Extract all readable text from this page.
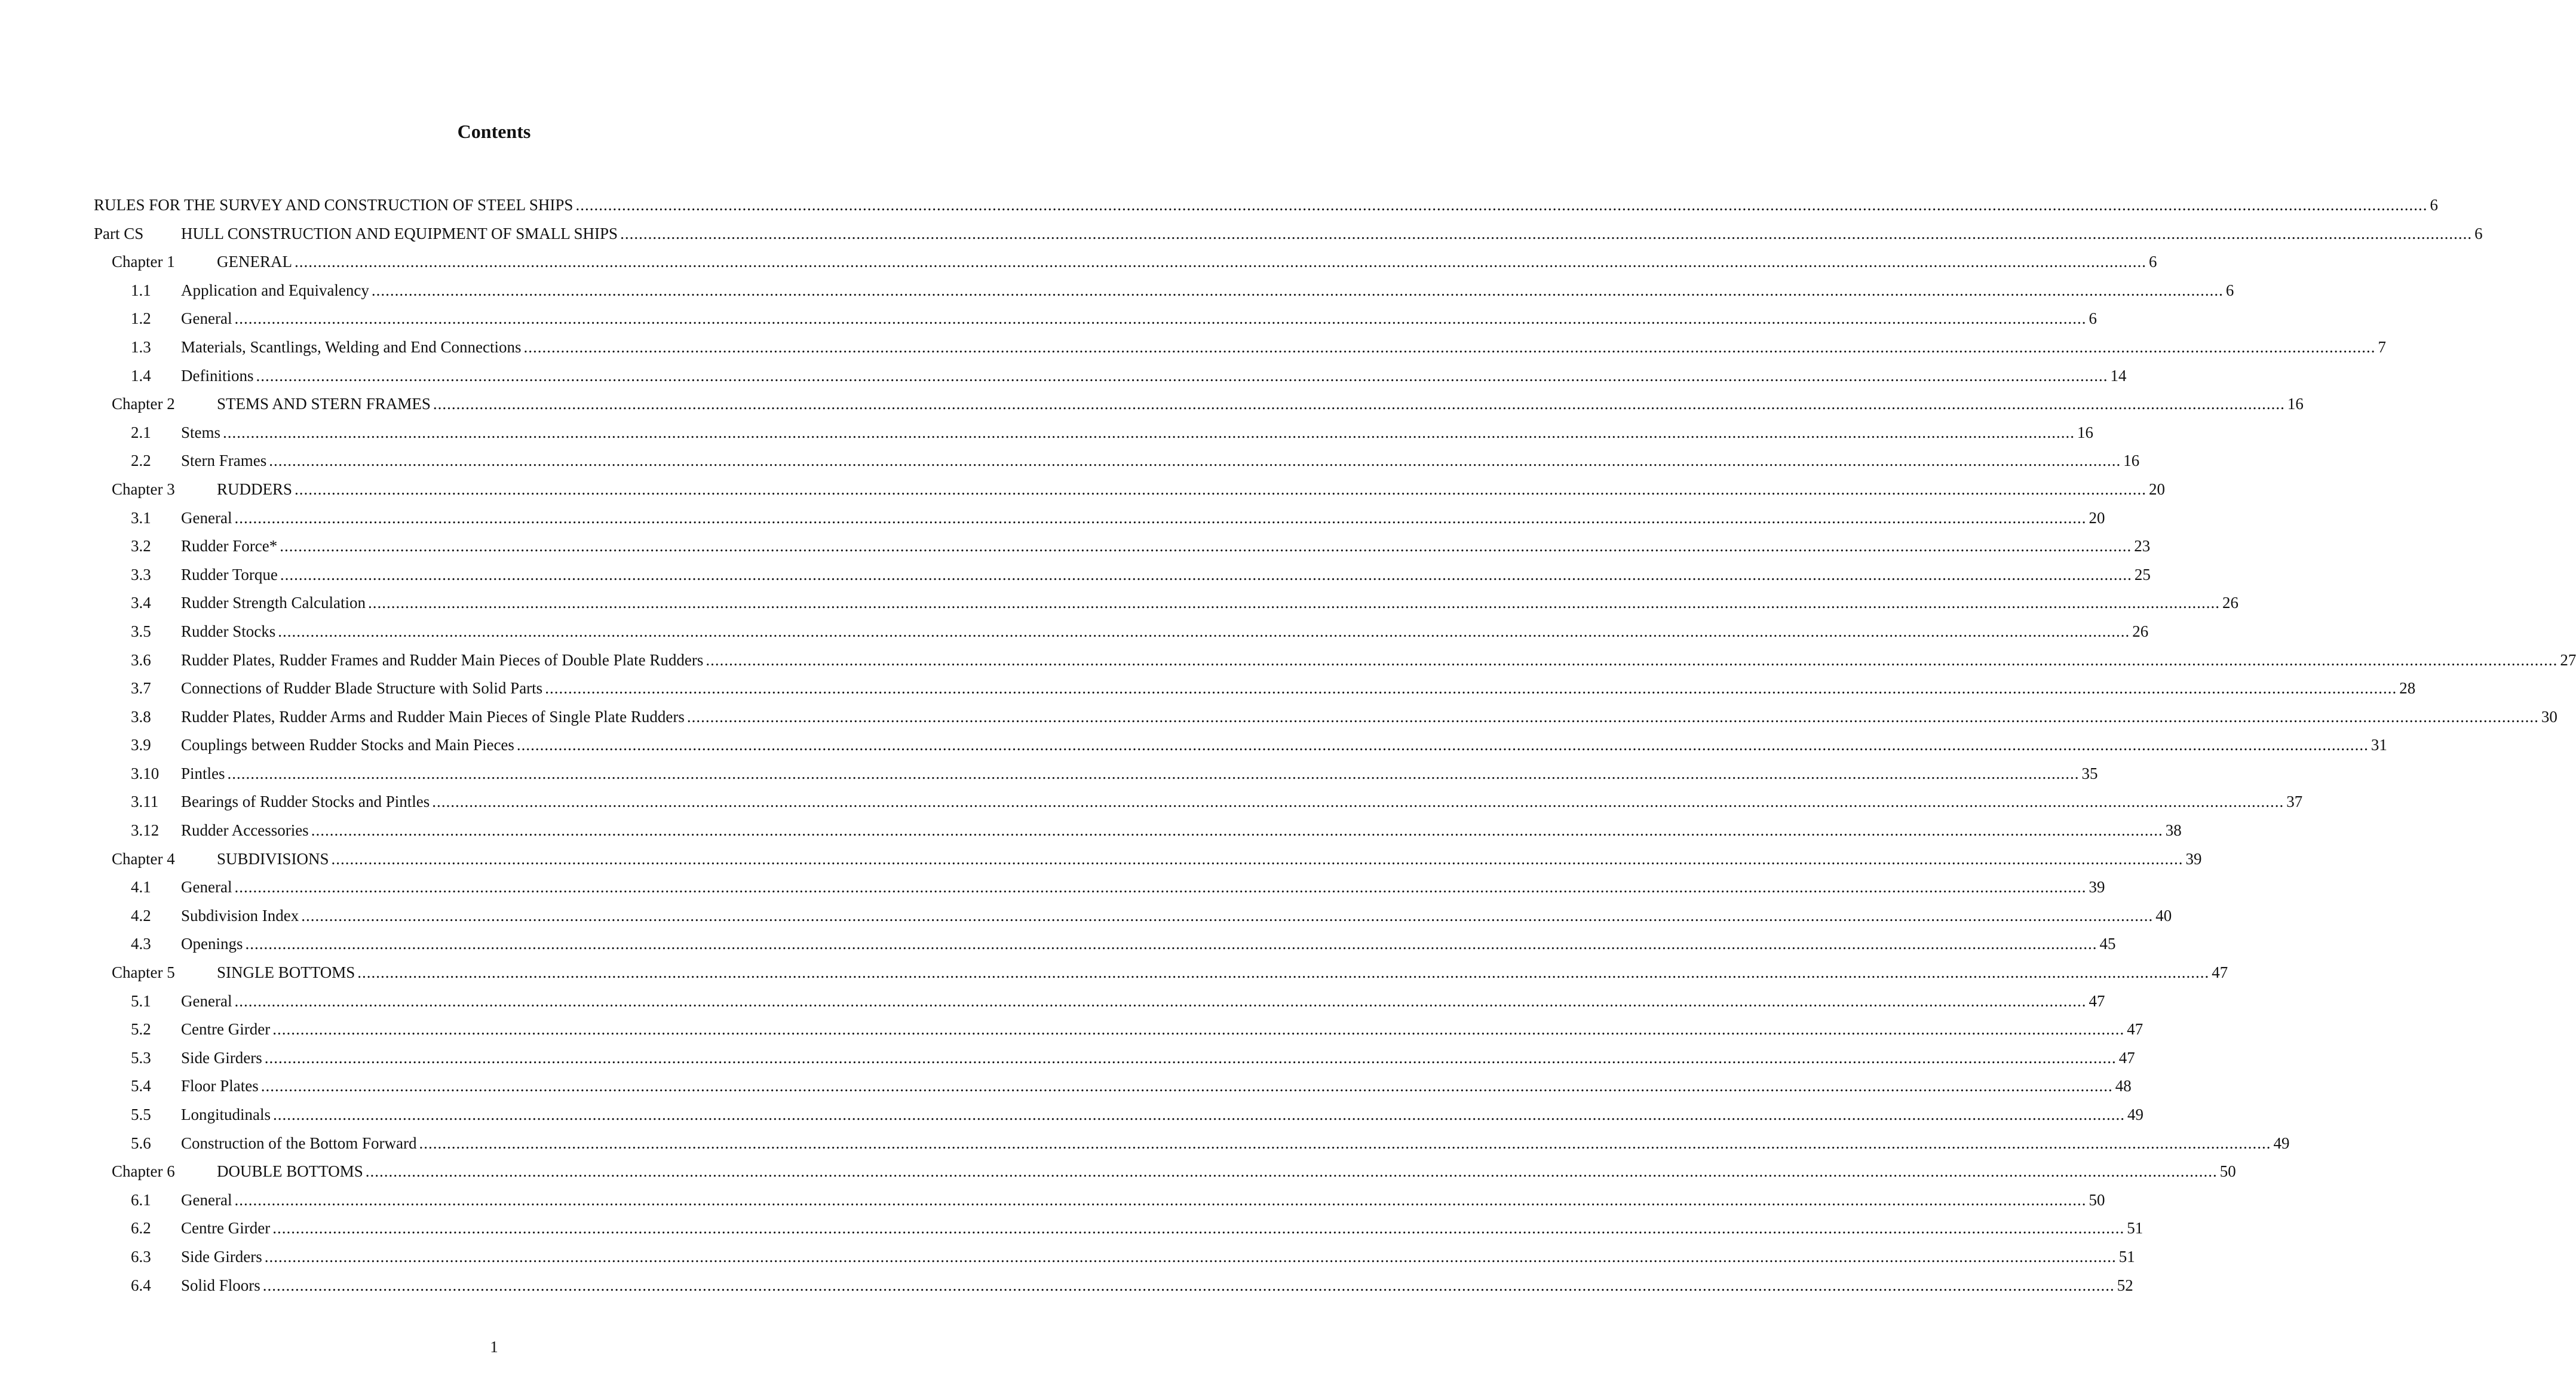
Contents
RULES FOR THE SURVEY AND CONSTRUCTION OF STEEL SHIPS ................................................................................................................................................................................................................................................................................................................................................................................................................ 6
Part CS HULL CONSTRUCTION AND EQUIPMENT OF SMALL SHIPS ................................................................................................................................................................................................................................................................................................................................................................................................................ 6
Chapter 1	GENERAL ................................................................................................................................................................................................................................................................................................................................................................................................................ 6
1.1 Application and Equivalency ................................................................................................................................................................................................................................................................................................................................................................................................................ 6
1.2 General ................................................................................................................................................................................................................................................................................................................................................................................................................ 6
1.3 Materials, Scantlings, Welding and End Connections ................................................................................................................................................................................................................................................................................................................................................................................................................ 7
1.4 Definitions ................................................................................................................................................................................................................................................................................................................................................................................................................ 14
Chapter 2	STEMS AND STERN FRAMES ................................................................................................................................................................................................................................................................................................................................................................................................................ 16
2.1 Stems ................................................................................................................................................................................................................................................................................................................................................................................................................ 16
2.2 Stern Frames ................................................................................................................................................................................................................................................................................................................................................................................................................ 16
Chapter 3	RUDDERS ................................................................................................................................................................................................................................................................................................................................................................................................................ 20
3.1 General ................................................................................................................................................................................................................................................................................................................................................................................................................ 20
3.2 Rudder Force* ................................................................................................................................................................................................................................................................................................................................................................................................................ 23
3.3 Rudder Torque ................................................................................................................................................................................................................................................................................................................................................................................................................ 25
3.4 Rudder Strength Calculation ................................................................................................................................................................................................................................................................................................................................................................................................................ 26
3.5 Rudder Stocks ................................................................................................................................................................................................................................................................................................................................................................................................................ 26
3.6 Rudder Plates, Rudder Frames and Rudder Main Pieces of Double Plate Rudders ................................................................................................................................................................................................................................................................................................................................................................................................................ 27
3.7 Connections of Rudder Blade Structure with Solid Parts ................................................................................................................................................................................................................................................................................................................................................................................................................ 28
3.8 Rudder Plates, Rudder Arms and Rudder Main Pieces of Single Plate Rudders ................................................................................................................................................................................................................................................................................................................................................................................................................ 30
3.9 Couplings between Rudder Stocks and Main Pieces ................................................................................................................................................................................................................................................................................................................................................................................................................ 31
3.10 Pintles ................................................................................................................................................................................................................................................................................................................................................................................................................ 35
3.11 Bearings of Rudder Stocks and Pintles ................................................................................................................................................................................................................................................................................................................................................................................................................ 37
3.12 Rudder Accessories ................................................................................................................................................................................................................................................................................................................................................................................................................ 38
Chapter 4	SUBDIVISIONS ................................................................................................................................................................................................................................................................................................................................................................................................................ 39
4.1 General ................................................................................................................................................................................................................................................................................................................................................................................................................ 39
4.2 Subdivision Index ................................................................................................................................................................................................................................................................................................................................................................................................................ 40
4.3 Openings ................................................................................................................................................................................................................................................................................................................................................................................................................ 45
Chapter 5	SINGLE BOTTOMS ................................................................................................................................................................................................................................................................................................................................................................................................................ 47
5.1 General ................................................................................................................................................................................................................................................................................................................................................................................................................ 47
5.2 Centre Girder ................................................................................................................................................................................................................................................................................................................................................................................................................ 47
5.3 Side Girders ................................................................................................................................................................................................................................................................................................................................................................................................................ 47
5.4 Floor Plates ................................................................................................................................................................................................................................................................................................................................................................................................................ 48
5.5 Longitudinals ................................................................................................................................................................................................................................................................................................................................................................................................................ 49
5.6 Construction of the Bottom Forward ................................................................................................................................................................................................................................................................................................................................................................................................................ 49
Chapter 6	DOUBLE BOTTOMS ................................................................................................................................................................................................................................................................................................................................................................................................................ 50
6.1 General ................................................................................................................................................................................................................................................................................................................................................................................................................ 50
6.2 Centre Girder ................................................................................................................................................................................................................................................................................................................................................................................................................ 51
6.3 Side Girders ................................................................................................................................................................................................................................................................................................................................................................................................................ 51
6.4 Solid Floors ................................................................................................................................................................................................................................................................................................................................................................................................................ 52
1
